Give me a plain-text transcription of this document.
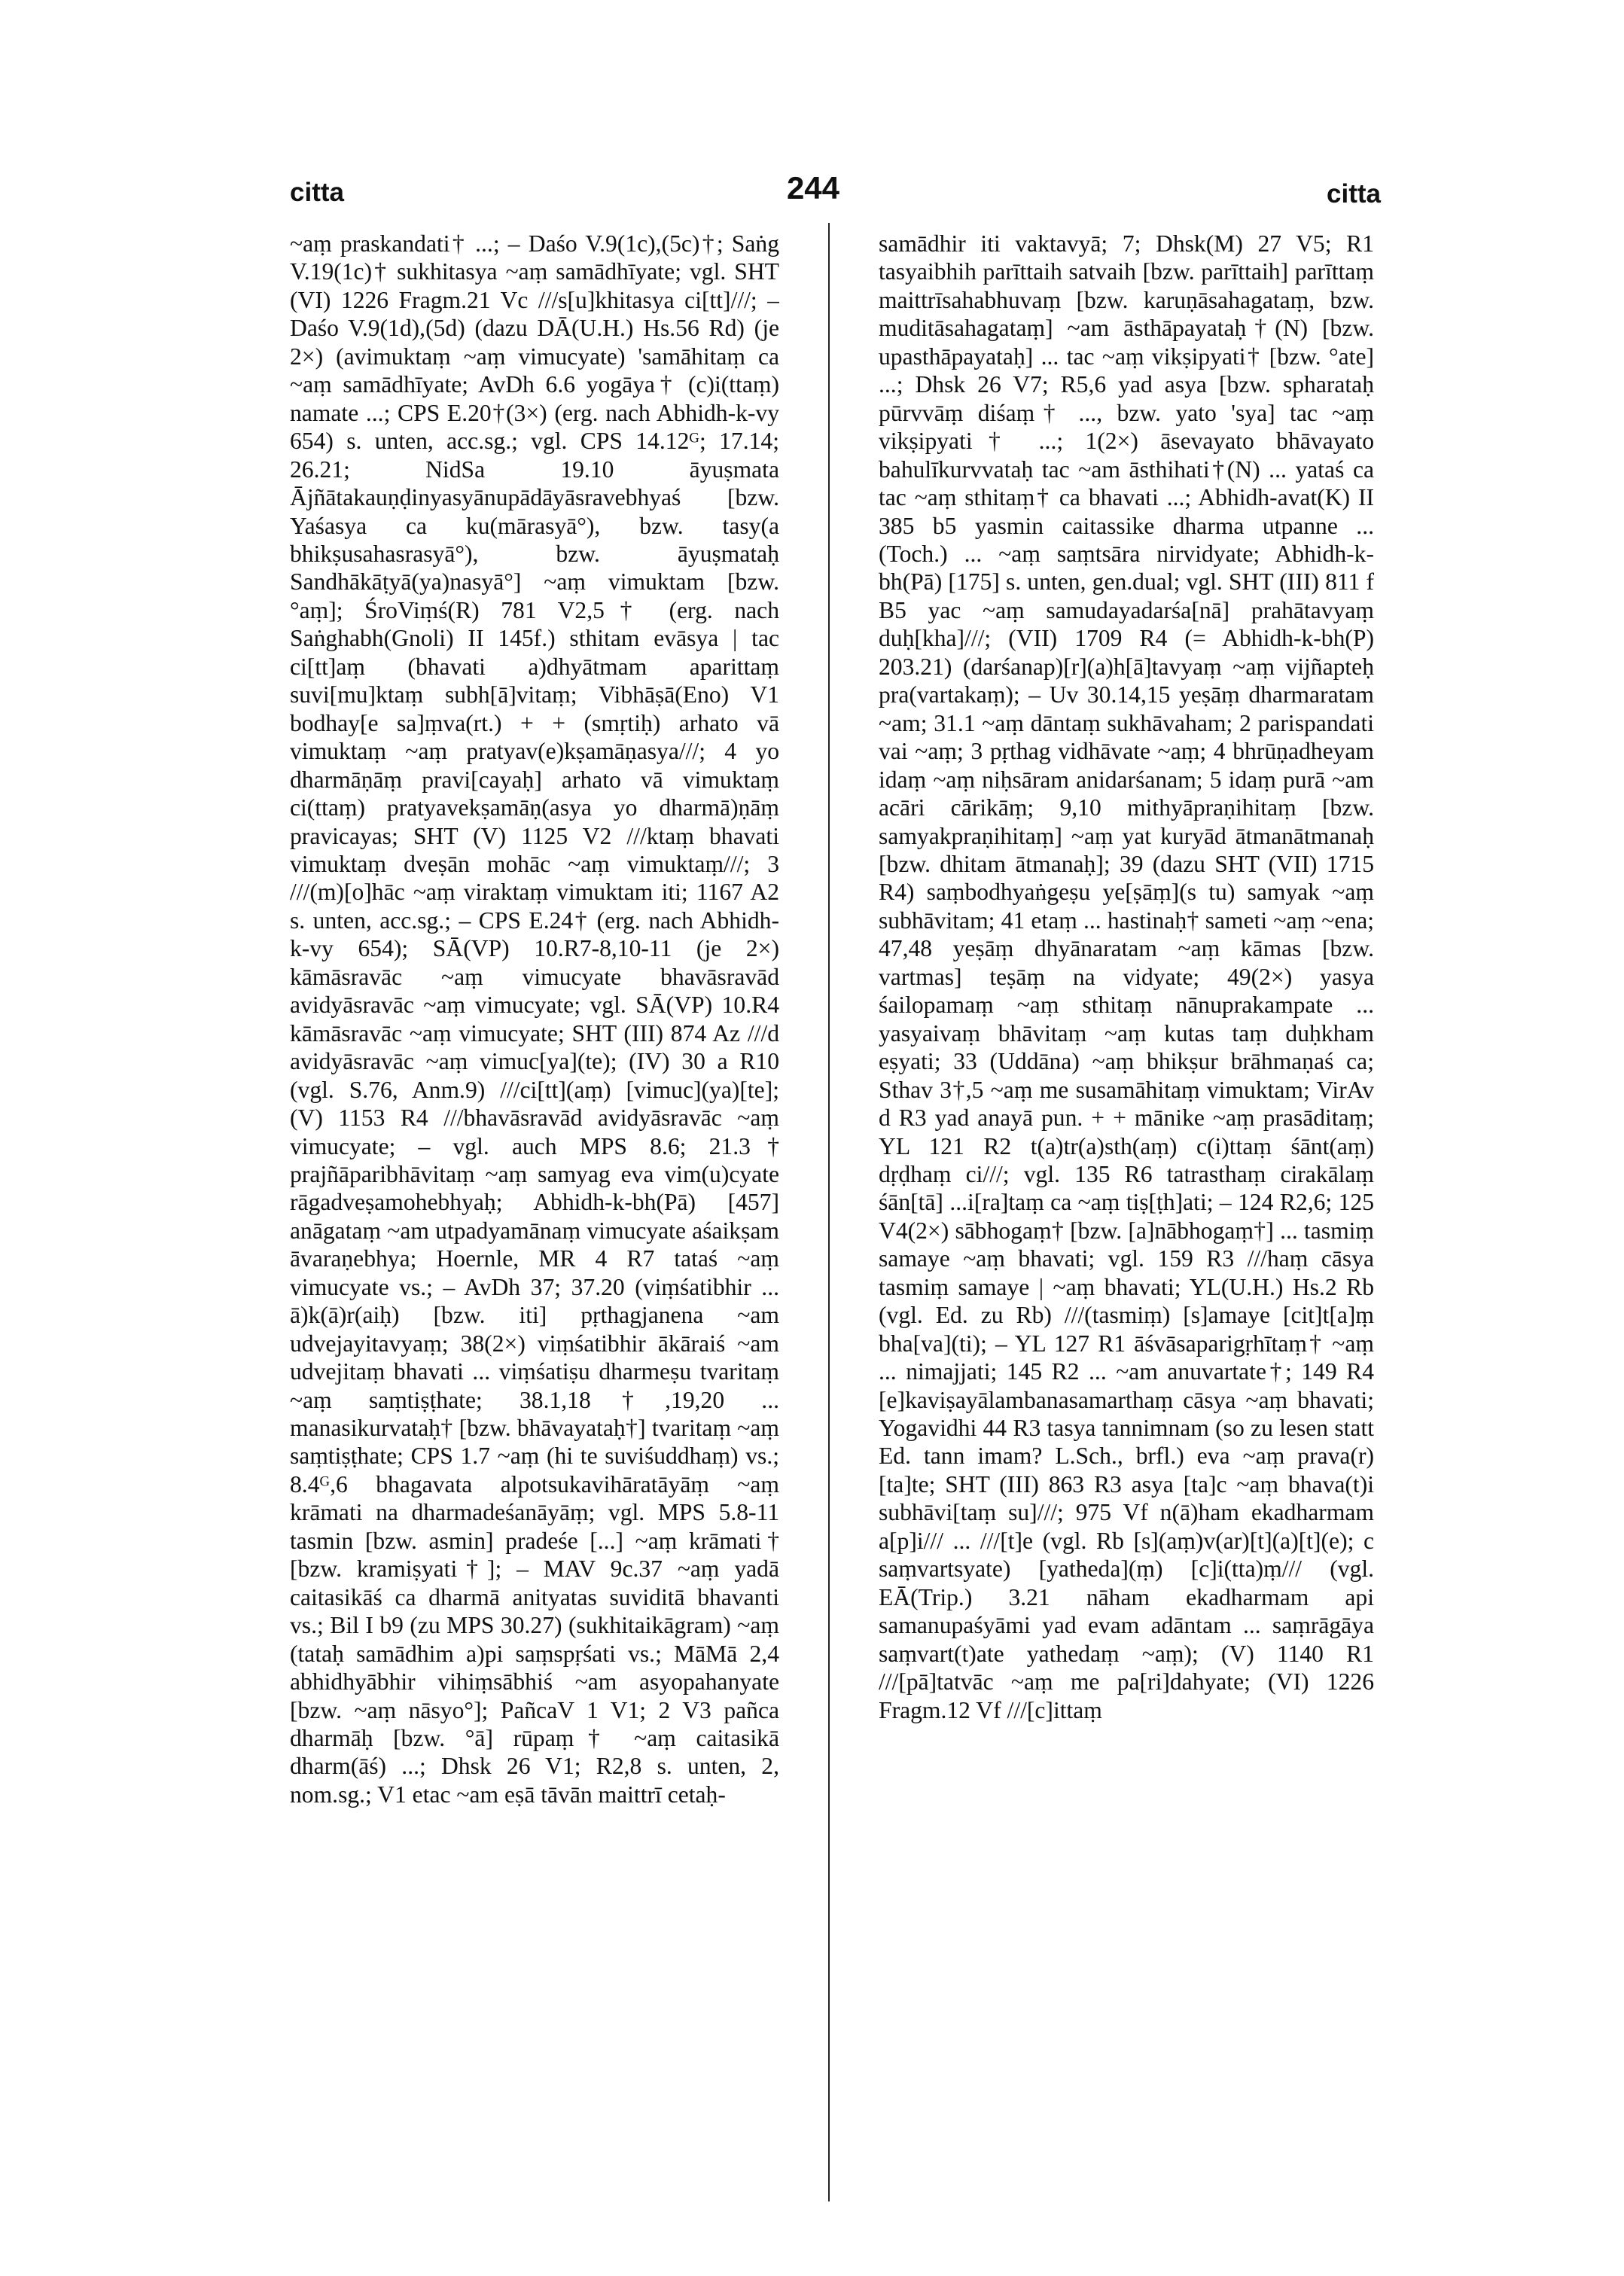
citta	244	citta
~aṃ praskandati† ...; – Daśo V.9(1c),(5c)†; Saṅg V.19(1c)† sukhitasya ~aṃ samādhīyate; vgl. SHT (VI) 1226 Fragm.21 Vc ///s[u]khitasya ci[tt]///; – Daśo V.9(1d),(5d) (dazu DĀ(U.H.) Hs.56 Rd) (je 2×) (avimuktaṃ ~aṃ vimucyate) 'samāhitaṃ ca ~aṃ samādhīyate; AvDh 6.6 yogāya† (c)i(ttaṃ) namate ...; CPS E.20†(3×) (erg. nach Abhidh-k-vy 654) s. unten, acc.sg.; vgl. CPS 14.12ᴳ; 17.14; 26.21; NidSa 19.10 āyuṣmata Ājñātakauṇḍinyasyānupādāyāsravebhyaś [bzw. Yaśasya ca ku(mārasyā°), bzw. tasy(a bhikṣusahasrasyā°), bzw. āyuṣmataḥ Sandhākāṭyā(ya)nasyā°] ~aṃ vimuktam [bzw. °aṃ]; ŚroViṃś(R) 781 V2,5† (erg. nach Saṅghabh(Gnoli) II 145f.) sthitam evāsya | tac ci[tt]aṃ (bhavati a)dhyātmam aparittaṃ suvi[mu]ktaṃ subh[ā]vitaṃ; Vibhāṣā(Eno) V1 bodhay[e sa]ṃva(rt.) + + (smṛtiḥ) arhato vā vimuktaṃ ~aṃ pratyav(e)kṣamāṇasya///; 4 yo dharmāṇāṃ pravi[cayaḥ] arhato vā vimuktaṃ ci(ttaṃ) pratyavekṣamāṇ(asya yo dharmā)ṇāṃ pravicayas; SHT (V) 1125 V2 ///ktaṃ bhavati vimuktaṃ dveṣān mohāc ~aṃ vimuktaṃ///; 3 ///(m)[o]hāc ~aṃ viraktaṃ vimuktam iti; 1167 A2 s. unten, acc.sg.; – CPS E.24† (erg. nach Abhidh-k-vy 654); SĀ(VP) 10.R7-8,10-11 (je 2×) kāmāsravāc ~aṃ vimucyate bhavāsravād avidyāsravāc ~aṃ vimucyate; vgl. SĀ(VP) 10.R4 kāmāsravāc ~aṃ vimucyate; SHT (III) 874 Az ///d avidyāsravāc ~aṃ vimuc[ya](te); (IV) 30 a R10 (vgl. S.76, Anm.9) ///ci[tt](aṃ) [vimuc](ya)[te]; (V) 1153 R4 ///bhavāsravād avidyāsravāc ~aṃ vimucyate; – vgl. auch MPS 8.6; 21.3† prajñāparibhāvitaṃ ~aṃ samyag eva vim(u)cyate rāgadveṣamohebhyaḥ; Abhidh-k-bh(Pā) [457] anāgataṃ ~am utpadyamānaṃ vimucyate aśaikṣam āvaraṇebhya; Hoernle, MR 4 R7 tataś ~aṃ vimucyate vs.; – AvDh 37; 37.20 (viṃśatibhir ... ā)k(ā)r(aiḥ) [bzw. iti] pṛthagjanena ~am udvejayitavyaṃ; 38(2×) viṃśatibhir ākāraiś ~am udvejitaṃ bhavati ... viṃśatiṣu dharmeṣu tvaritaṃ ~aṃ saṃtiṣṭhate; 38.1,18†,19,20 ... manasikurvataḥ† [bzw. bhāvayataḥ†] tvaritaṃ ~aṃ saṃtiṣṭhate; CPS 1.7 ~aṃ (hi te suviśuddhaṃ) vs.; 8.4ᴳ,6 bhagavata alpotsukavihāratāyāṃ ~aṃ krāmati na dharmadeśanāyāṃ; vgl. MPS 5.8-11 tasmin [bzw. asmin] pradeśe [...] ~aṃ krāmati† [bzw. kramiṣyati†]; – MAV 9c.37 ~aṃ yadā caitasikāś ca dharmā anityatas suviditā bhavanti vs.; Bil I b9 (zu MPS 30.27) (sukhitaikāgram) ~aṃ (tataḥ samādhim a)pi saṃspṛśati vs.; MāMā 2,4 abhidhyābhir vihiṃsābhiś ~am asyopahanyate [bzw. ~aṃ nāsyo°]; PañcaV 1 V1; 2 V3 pañca dharmāḥ [bzw. °ā] rūpaṃ† ~aṃ caitasikā dharm(āś) ...; Dhsk 26 V1; R2,8 s. unten, 2, nom.sg.; V1 etac ~am eṣā tāvān maittrī cetaḥ-
samādhir iti vaktavyā; 7; Dhsk(M) 27 V5; R1 tasyaibhih parīttaih satvaih [bzw. parīttaih] parīttaṃ maittrīsahabhuvaṃ [bzw. karuṇāsahagataṃ, bzw. muditāsahagataṃ] ~am āsthāpayataḥ†(N) [bzw. upasthāpayataḥ] ... tac ~aṃ vikṣipyati† [bzw. °ate] ...; Dhsk 26 V7; R5,6 yad asya [bzw. spharataḥ pūrvvāṃ diśaṃ† ..., bzw. yato 'sya] tac ~aṃ vikṣipyati† ...; 1(2×) āsevayato bhāvayato bahulīkurvvataḥ tac ~am āsthihati†(N) ... yataś ca tac ~aṃ sthitaṃ† ca bhavati ...; Abhidh-avat(K) II 385 b5 yasmin caitassike dharma utpanne ... (Toch.) ... ~aṃ saṃtsāra nirvidyate; Abhidh-k-bh(Pā) [175] s. unten, gen.dual; vgl. SHT (III) 811 f B5 yac ~aṃ samudayadarśa[nā] prahātavyaṃ duḥ[kha]///; (VII) 1709 R4 (= Abhidh-k-bh(P) 203.21) (darśanap)[r](a)h[ā]tavyaṃ ~aṃ vijñapteḥ pra(vartakaṃ); – Uv 30.14,15 yeṣāṃ dharmaratam ~am; 31.1 ~aṃ dāntaṃ sukhāvaham; 2 parispandati vai ~aṃ; 3 pṛthag vidhāvate ~aṃ; 4 bhrūṇadheyam idaṃ ~aṃ niḥsāram anidarśanam; 5 idaṃ purā ~am acāri cārikāṃ; 9,10 mithyāpraṇihitaṃ [bzw. samyakpraṇihitaṃ] ~aṃ yat kuryād ātmanātmanaḥ [bzw. dhitam ātmanaḥ]; 39 (dazu SHT (VII) 1715 R4) saṃbodhyaṅgeṣu ye[ṣāṃ](s tu) samyak ~aṃ subhāvitam; 41 etaṃ ... hastinaḥ† sameti ~aṃ ~ena; 47,48 yeṣāṃ dhyānaratam ~aṃ kāmas [bzw. vartmas] teṣāṃ na vidyate; 49(2×) yasya śailopamaṃ ~aṃ sthitaṃ nānuprakampate ... yasyaivaṃ bhāvitaṃ ~aṃ kutas taṃ duḥkham eṣyati; 33 (Uddāna) ~aṃ bhikṣur brāhmaṇaś ca; Sthav 3†,5 ~aṃ me susamāhitaṃ vimuktam; VirAv d R3 yad anayā pun. + + mānike ~aṃ prasāditaṃ; YL 121 R2 t(a)tr(a)sth(aṃ) c(i)ttaṃ śānt(aṃ) dṛḍhaṃ ci///; vgl. 135 R6 tatrasthaṃ cirakālaṃ śān[tā] ...i[ra]taṃ ca ~aṃ tiṣ[ṭh]ati; – 124 R2,6; 125 V4(2×) sābhogaṃ† [bzw. [a]nābhogaṃ†] ... tasmiṃ samaye ~aṃ bhavati; vgl. 159 R3 ///haṃ cāsya tasmiṃ samaye | ~aṃ bhavati; YL(U.H.) Hs.2 Rb (vgl. Ed. zu Rb) ///(tasmiṃ) [s]amaye [cit]t[a]ṃ bha[va](ti); – YL 127 R1 āśvāsaparigṛhītaṃ† ~aṃ ... nimajjati; 145 R2 ... ~am anuvartate†; 149 R4 [e]kaviṣayālambanasamarthaṃ cāsya ~aṃ bhavati; Yogavidhi 44 R3 tasya tannimnam (so zu lesen statt Ed. tann imam? L.Sch., brfl.) eva ~aṃ prava(r)[ta]te; SHT (III) 863 R3 asya [ta]c ~aṃ bhava(t)i subhāvi[taṃ su]///; 975 Vf n(ā)ham ekadharmam a[p]i/// ... ///[t]e (vgl. Rb [s](aṃ)v(ar)[t](a)[t](e); c saṃvartsyate) [yatheda](ṃ) [c]i(tta)ṃ/// (vgl. EĀ(Trip.) 3.21 nāham ekadharmam api samanupaśyāmi yad evam adāntam ... saṃrāgāya saṃvart(t)ate yathedaṃ ~aṃ); (V) 1140 R1 ///[pā]tatvāc ~aṃ me pa[ri]dahyate; (VI) 1226 Fragm.12 Vf ///[c]ittaṃ
